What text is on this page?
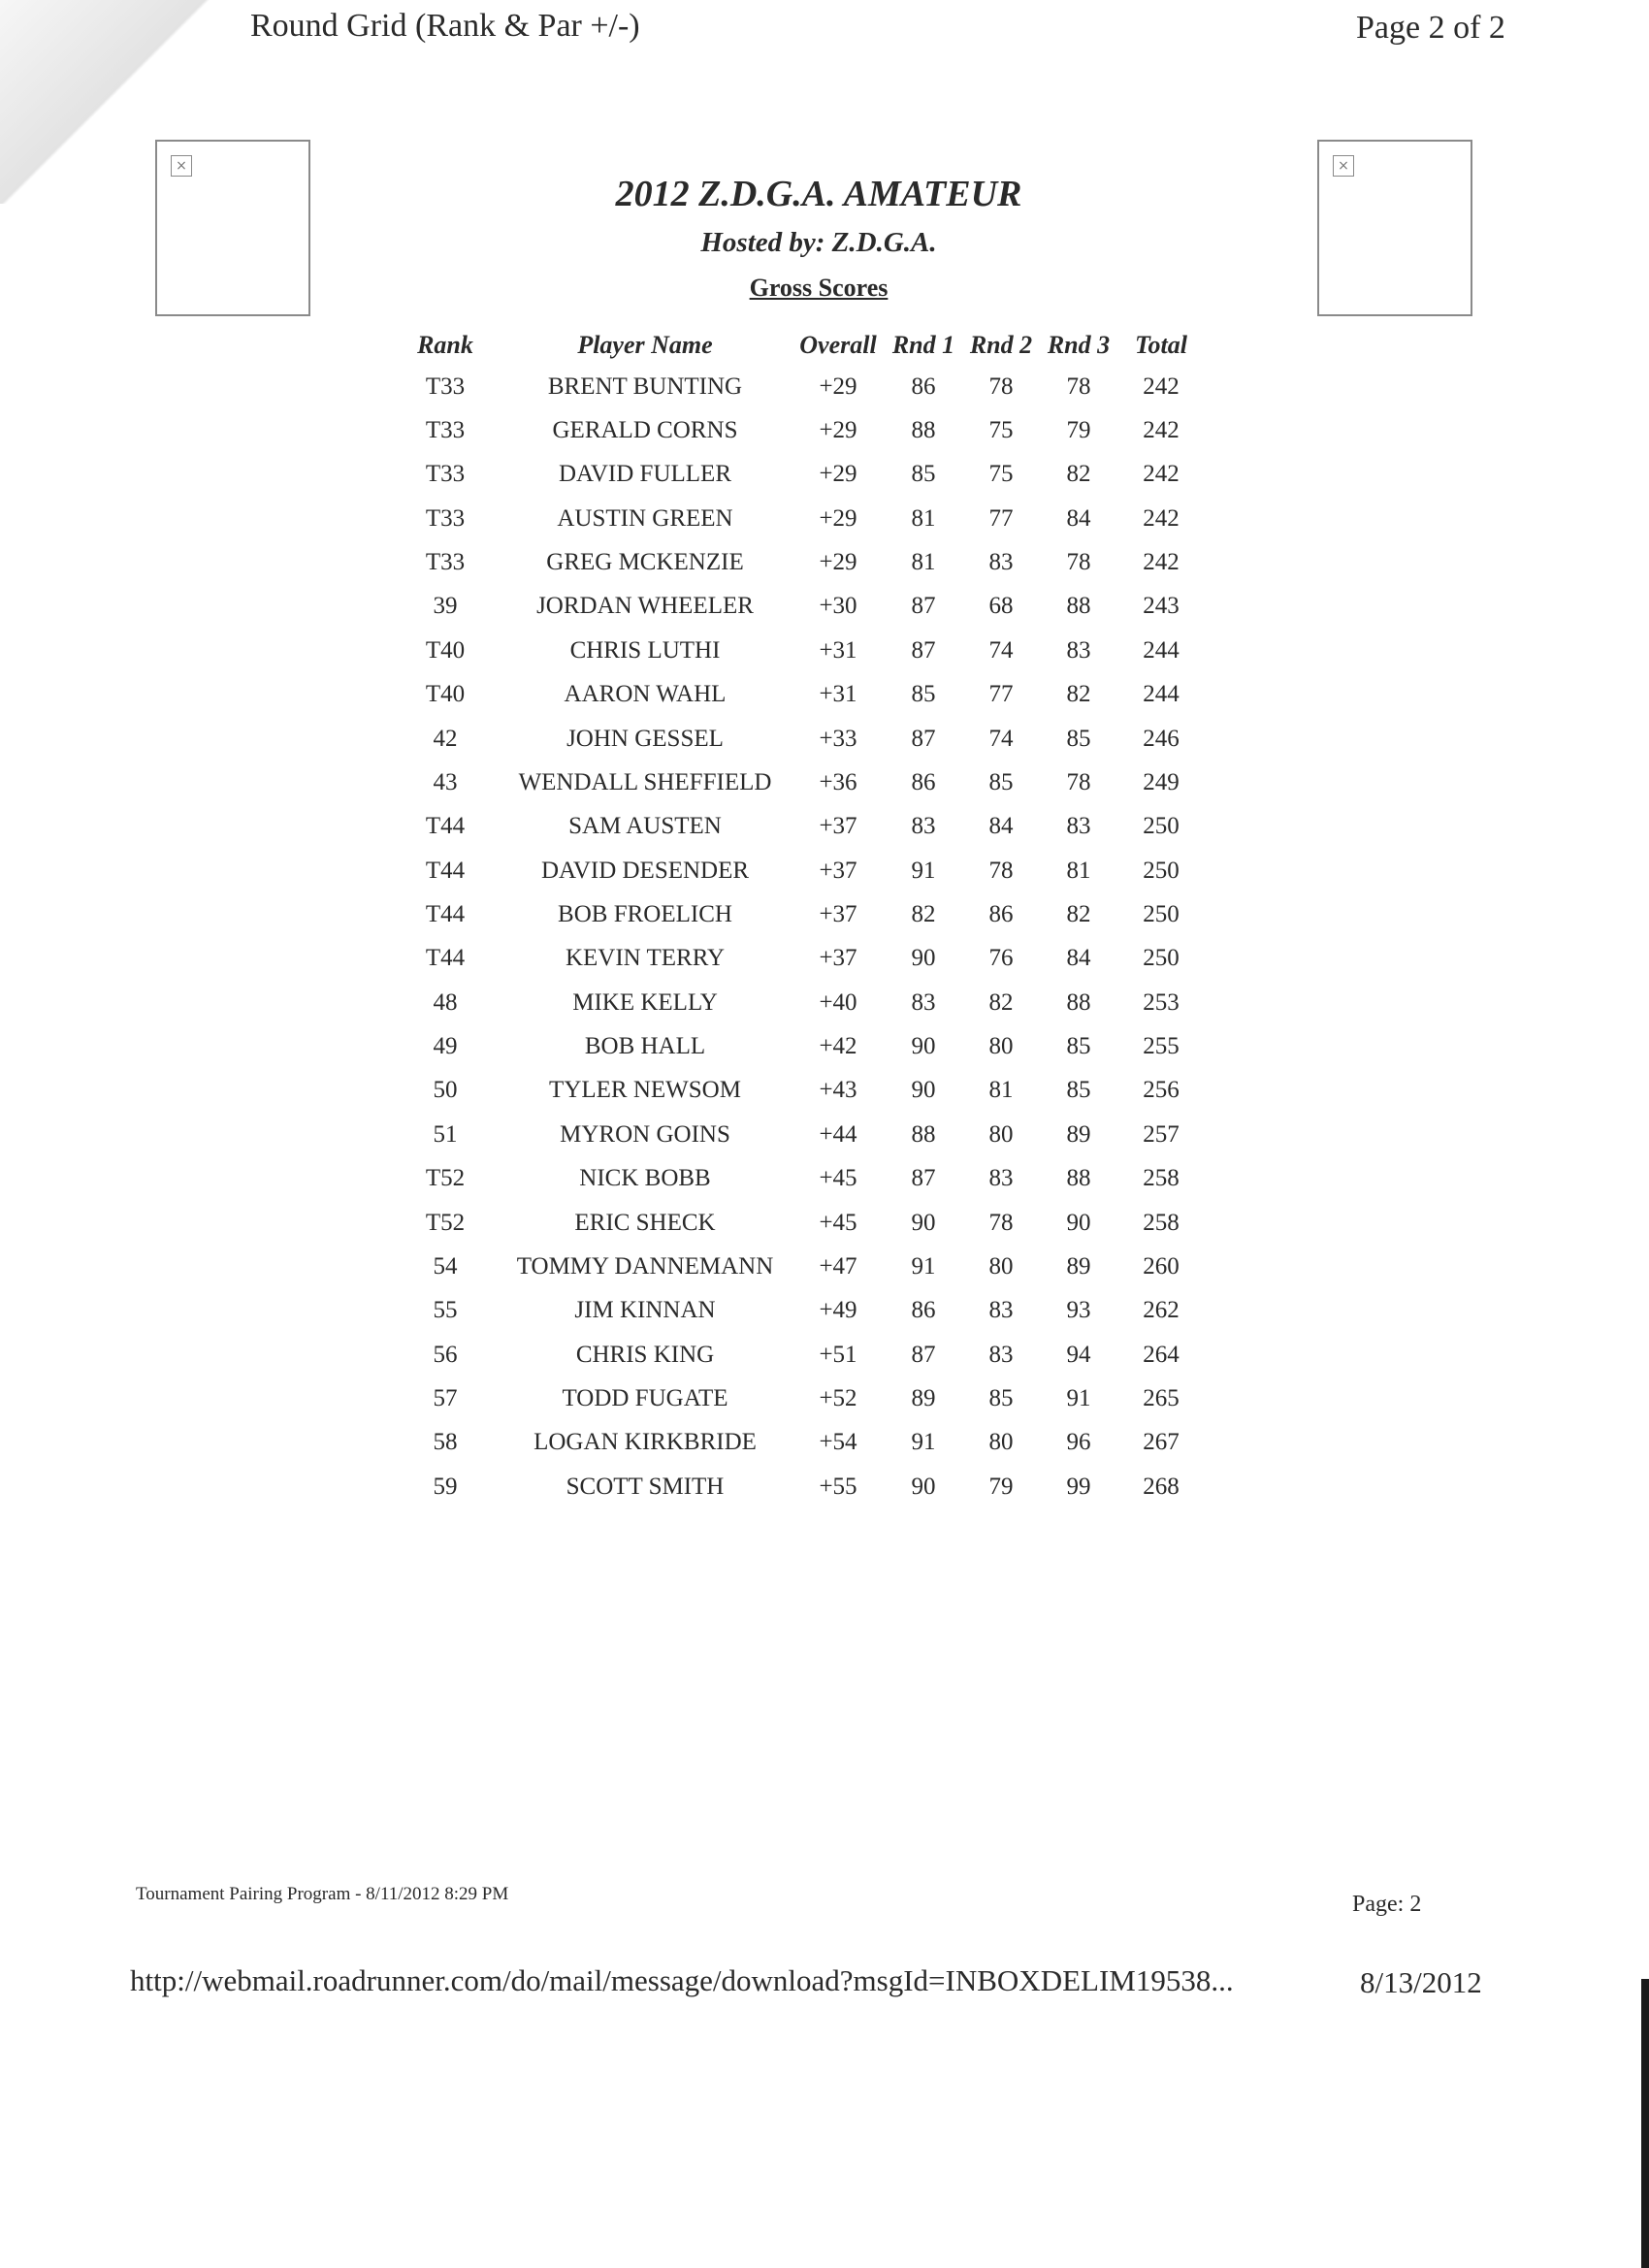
Round Grid (Rank & Par +/-)	Page 2 of 2
×	×
2012 Z.D.G.A. AMATEUR
Hosted by: Z.D.G.A.
Gross Scores
Rank	Player Name	Overall	Rnd 1	Rnd 2	Rnd 3	Total
T33	BRENT BUNTING	+29	86	78	78	242
T33	GERALD CORNS	+29	88	75	79	242
T33	DAVID FULLER	+29	85	75	82	242
T33	AUSTIN GREEN	+29	81	77	84	242
T33	GREG MCKENZIE	+29	81	83	78	242
39	JORDAN WHEELER	+30	87	68	88	243
T40	CHRIS LUTHI	+31	87	74	83	244
T40	AARON WAHL	+31	85	77	82	244
42	JOHN GESSEL	+33	87	74	85	246
43	WENDALL SHEFFIELD	+36	86	85	78	249
T44	SAM AUSTEN	+37	83	84	83	250
T44	DAVID DESENDER	+37	91	78	81	250
T44	BOB FROELICH	+37	82	86	82	250
T44	KEVIN TERRY	+37	90	76	84	250
48	MIKE KELLY	+40	83	82	88	253
49	BOB HALL	+42	90	80	85	255
50	TYLER NEWSOM	+43	90	81	85	256
51	MYRON GOINS	+44	88	80	89	257
T52	NICK BOBB	+45	87	83	88	258
T52	ERIC SHECK	+45	90	78	90	258
54	TOMMY DANNEMANN	+47	91	80	89	260
55	JIM KINNAN	+49	86	83	93	262
56	CHRIS KING	+51	87	83	94	264
57	TODD FUGATE	+52	89	85	91	265
58	LOGAN KIRKBRIDE	+54	91	80	96	267
59	SCOTT SMITH	+55	90	79	99	268
Tournament Pairing Program - 8/11/2012 8:29 PM	Page: 2
http://webmail.roadrunner.com/do/mail/message/download?msgId=INBOXDELIM19538...	8/13/2012
